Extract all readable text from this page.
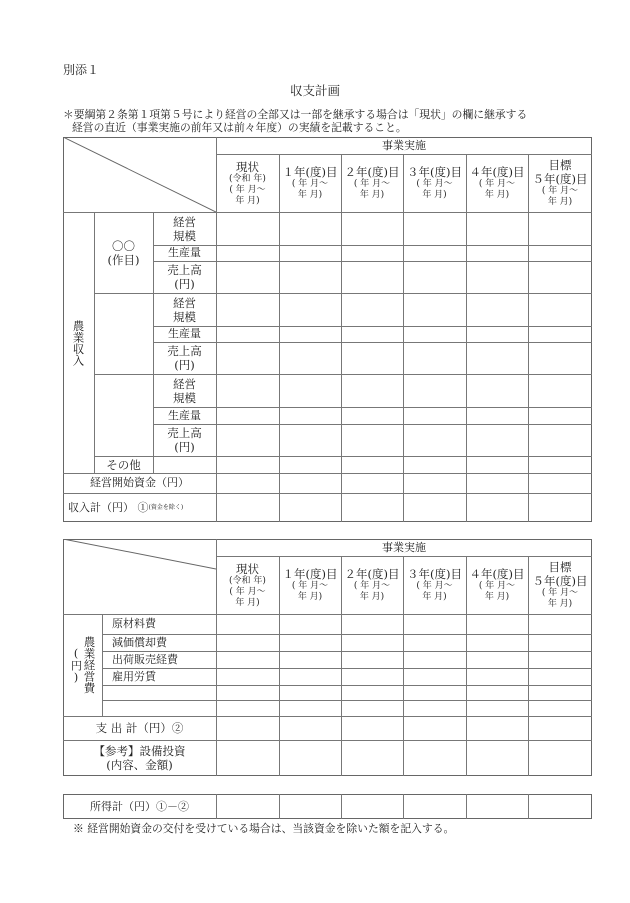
別添１
収支計画
＊要綱第２条第１項第５号により経営の全部又は一部を継承する場合は「現状」の欄に継承する
経営の直近（事業実施の前年又は前々年度）の実績を記載すること。
事業実施
現状
(令和 年)
( 年 月～
年 月)
１年(度)目
( 年 月～
年 月)
２年(度)目
( 年 月～
年 月)
３年(度)目
( 年 月～
年 月)
４年(度)目
( 年 月～
年 月)
目標
５年(度)目
( 年 月～
年 月)
農業収入
〇〇
(作目)
経営
規模
生産量
売上高
(円)
経営
規模
生産量
売上高
(円)
経営
規模
生産量
売上高
(円)
その他
経営開始資金（円）
収入計（円） ① (資金を除く)
事業実施
現状
(令和 年)
( 年 月～
年 月)
１年(度)目
( 年 月～
年 月)
２年(度)目
( 年 月～
年 月)
３年(度)目
( 年 月～
年 月)
４年(度)目
( 年 月～
年 月)
目標
５年(度)目
( 年 月～
年 月)
(円) 農業経営費
原材料費
減価償却費
出荷販売経費
雇用労賃
支 出 計（円）②
【参考】設備投資
(内容、金額)
所得計（円）①－②
※ 経営開始資金の交付を受けている場合は、当該資金を除いた額を記入する。
